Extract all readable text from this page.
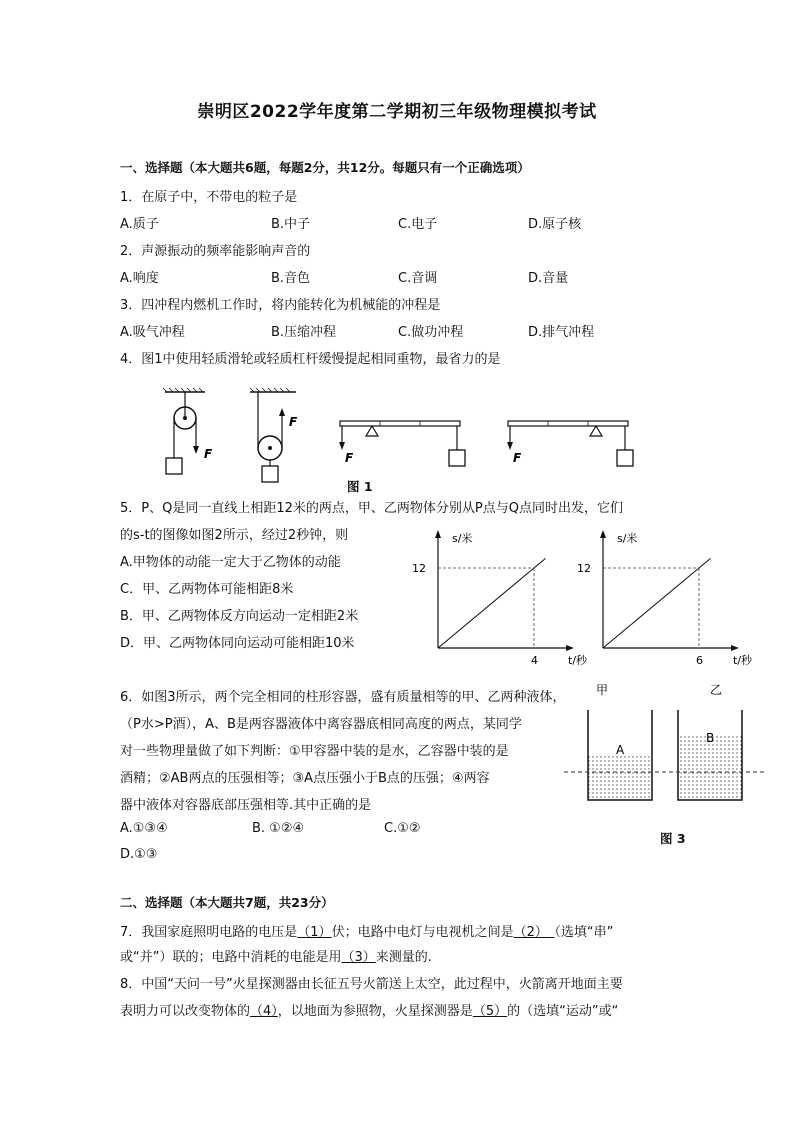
崇明区2022学年度第二学期初三年级物理模拟考试
一、选择题（本大题共6题，每题2分，共12分。每题只有一个正确选项）
1．在原子中，不带电的粒子是
A.质子	B.中子	C.电子	D.原子核
2．声源振动的频率能影响声音的
A.响度	B.音色	C.音调	D.音量
3．四冲程内燃机工作时，将内能转化为机械能的冲程是
A.吸气冲程	B.压缩冲程	C.做功冲程	D.排气冲程
4．图1中使用轻质滑轮或轻质杠杆缓慢提起相同重物，最省力的是
F
F
F	F
图 1
5．P、Q是同一直线上相距12米的两点，甲、乙两物体分别从P点与Q点同时出发，它们
的s-t的图像如图2所示，经过2秒钟，则
A.甲物体的动能一定大于乙物体的动能
C．甲、乙两物体可能相距8米
B．甲、乙两物体反方向运动一定相距2米
D．甲、乙两物体同向运动可能相距10米
s/米
t/秒
12
4
s/米
t/秒
12
6
6．如图3所示，两个完全相同的柱形容器，盛有质量相等的甲、乙两种液体，
（P水>P酒），A、B是两容器液体中离容器底相同高度的两点，某同学
对一些物理量做了如下判断：①甲容器中装的是水，乙容器中装的是
酒精；②AB两点的压强相等；③A点压强小于B点的压强；④两容
器中液体对容器底部压强相等.其中正确的是
A.①③④	B. ①②④	C.①②
D.①③
甲	乙
A
B
图 3
二、选择题（本大题共7题，共23分）
7．我国家庭照明电路的电压是（1）伏；电路中电灯与电视机之间是（2）　（选填“串”
或“并”）联的；电路中消耗的电能是用（3）来测量的.
8．中国“天问一号”火星探测器由长征五号火箭送上太空，此过程中，火箭离开地面主要
表明力可以改变物体的（4），以地面为参照物，火星探测器是（5）的（选填“运动”或“
